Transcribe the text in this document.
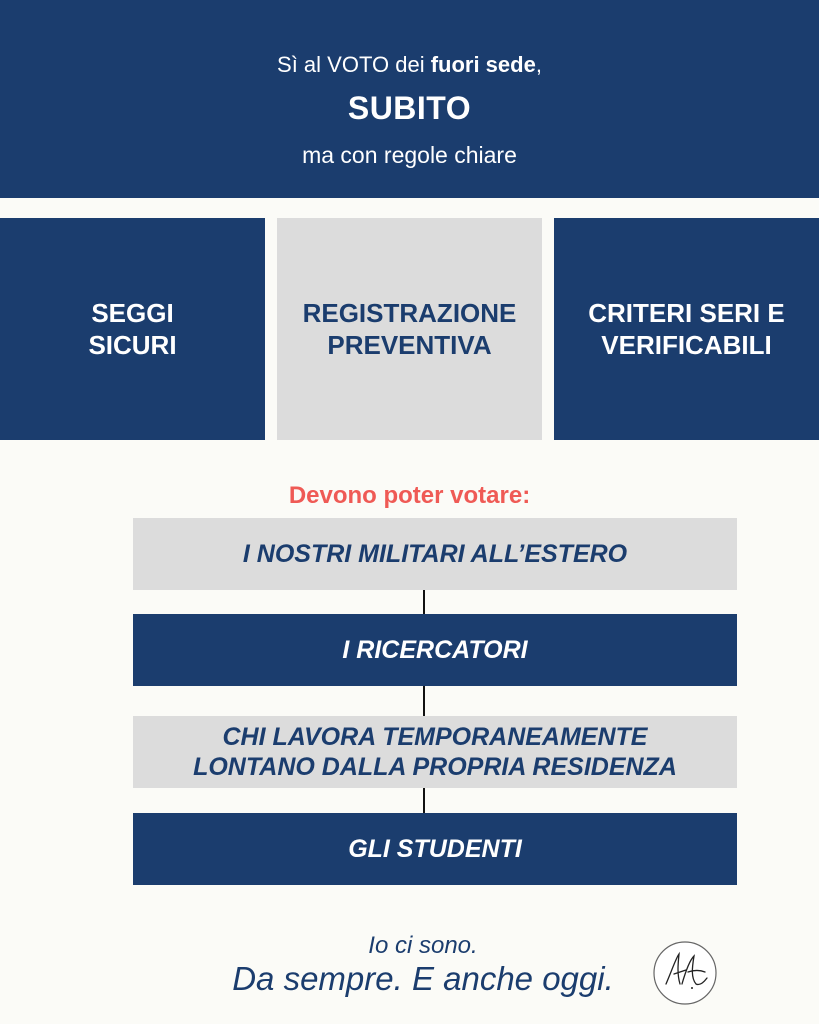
Sì al VOTO dei fuori sede,
SUBITO
ma con regole chiare
SEGGI
SICURI
REGISTRAZIONE
PREVENTIVA
CRITERI SERI E
VERIFICABILI
Devono poter votare:
I NOSTRI MILITARI ALL’ESTERO
I RICERCATORI
CHI LAVORA TEMPORANEAMENTE
LONTANO DALLA PROPRIA RESIDENZA
GLI STUDENTI
Io ci sono.
Da sempre. E anche oggi.
